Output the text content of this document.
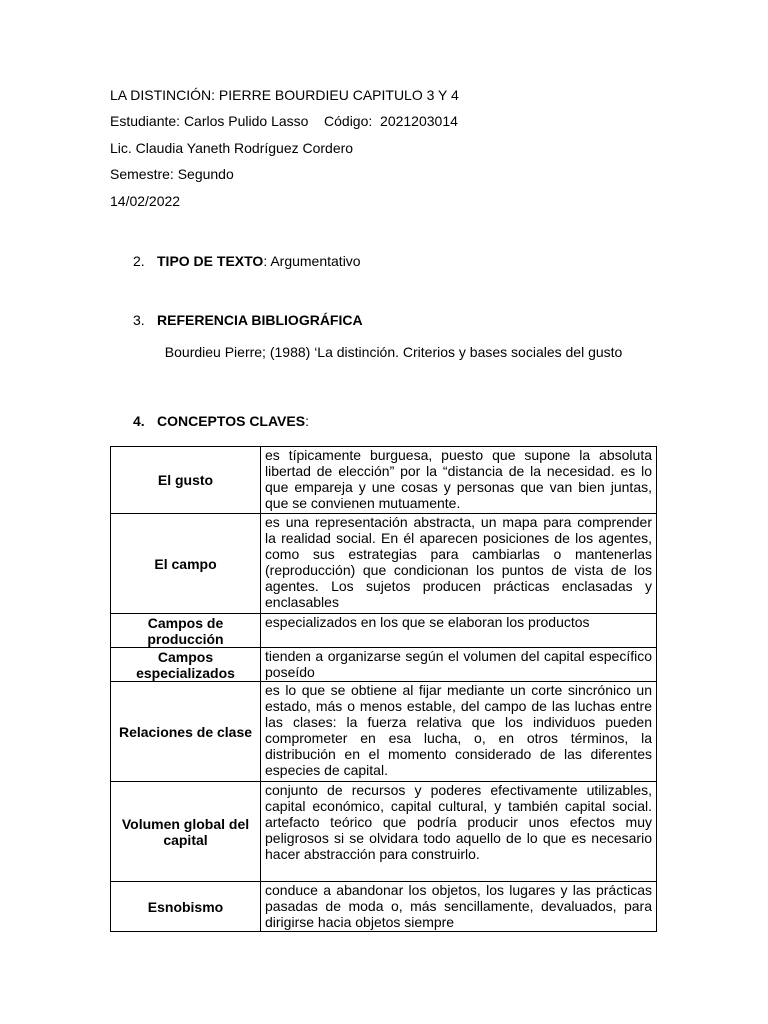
LA DISTINCIÓN: PIERRE BOURDIEU CAPITULO 3 Y 4
Estudiante: Carlos Pulido Lasso    Código:  2021203014
Lic. Claudia Yaneth Rodríguez Cordero
Semestre: Segundo
14/02/2022
2. TIPO DE TEXTO: Argumentativo
3. REFERENCIA BIBLIOGRÁFICA
Bourdieu Pierre; (1988) ‘La distinción. Criterios y bases sociales del gusto
4. CONCEPTOS CLAVES:
El gusto	es típicamente burguesa, puesto que supone la absoluta libertad de elección” por la “distancia de la necesidad. es lo que empareja y une cosas y personas que van bien juntas, que se convienen mutuamente.
El campo	es una representación abstracta, un mapa para comprender la realidad social. En él aparecen posiciones de los agentes, como sus estrategias para cambiarlas o mantenerlas (reproducción) que condicionan los puntos de vista de los agentes. Los sujetos producen prácticas enclasadas y enclasables
Campos de producción	especializados en los que se elaboran los productos
Campos especializados	tienden a organizarse según el volumen del capital específico poseído
Relaciones de clase	es lo que se obtiene al fijar mediante un corte sincrónico un estado, más o menos estable, del campo de las luchas entre las clases: la fuerza relativa que los individuos pueden comprometer en esa lucha, o, en otros términos, la distribución en el momento considerado de las diferentes especies de capital.
Volumen global del capital	conjunto de recursos y poderes efectivamente utilizables, capital económico, capital cultural, y también capital social. artefacto teórico que podría producir unos efectos muy peligrosos si se olvidara todo aquello de lo que es necesario hacer abstracción para construirlo.
Esnobismo	conduce a abandonar los objetos, los lugares y las prácticas pasadas de moda o, más sencillamente, devaluados, para dirigirse hacia objetos siempre
